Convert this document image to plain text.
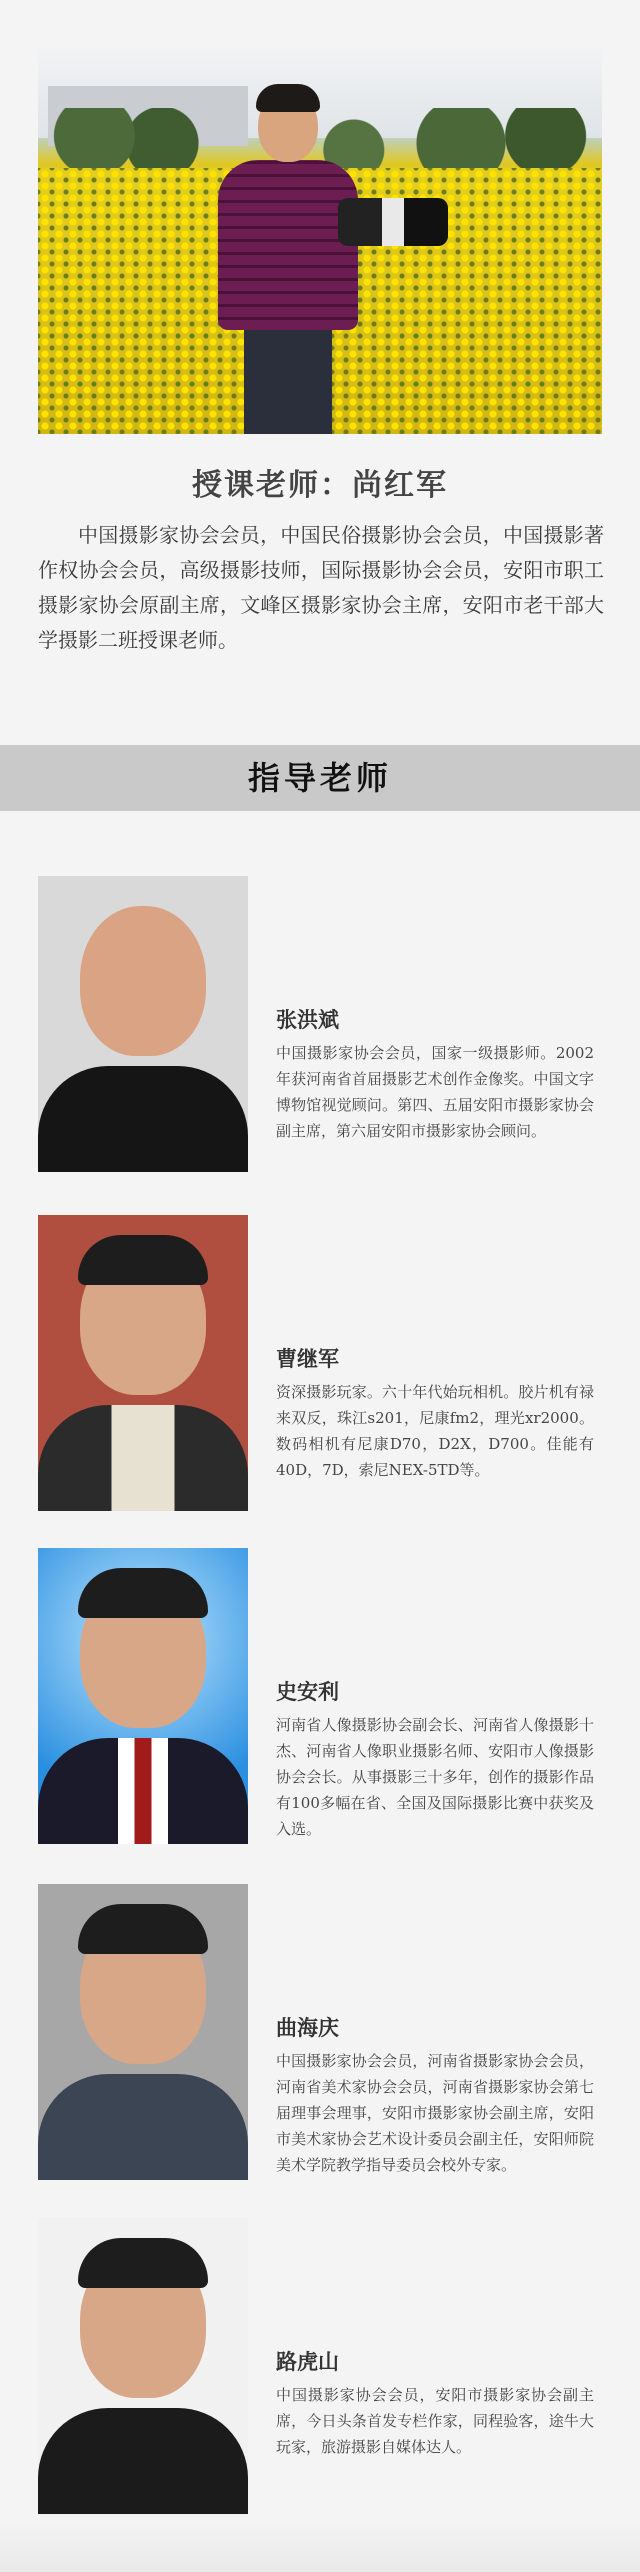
授课老师：尚红军
中国摄影家协会会员，中国民俗摄影协会会员，中国摄影著作权协会会员，高级摄影技师，国际摄影协会会员，安阳市职工摄影家协会原副主席，文峰区摄影家协会主席，安阳市老干部大学摄影二班授课老师。
指导老师
张洪斌
中国摄影家协会会员，国家一级摄影师。2002年获河南省首届摄影艺术创作金像奖。中国文字博物馆视觉顾问。第四、五届安阳市摄影家协会副主席，第六届安阳市摄影家协会顾问。
曹继军
资深摄影玩家。六十年代始玩相机。胶片机有禄来双反，珠江s201，尼康fm2，理光xr2000。数码相机有尼康D70，D2X，D700。佳能有40D，7D，索尼NEX-5TD等。
史安利
河南省人像摄影协会副会长、河南省人像摄影十杰、河南省人像职业摄影名师、安阳市人像摄影协会会长。从事摄影三十多年，创作的摄影作品有100多幅在省、全国及国际摄影比赛中获奖及入选。
曲海庆
中国摄影家协会会员，河南省摄影家协会会员，河南省美术家协会会员，河南省摄影家协会第七届理事会理事，安阳市摄影家协会副主席，安阳市美术家协会艺术设计委员会副主任，安阳师院美术学院教学指导委员会校外专家。
路虎山
中国摄影家协会会员，安阳市摄影家协会副主席，今日头条首发专栏作家，同程验客，途牛大玩家，旅游摄影自媒体达人。
